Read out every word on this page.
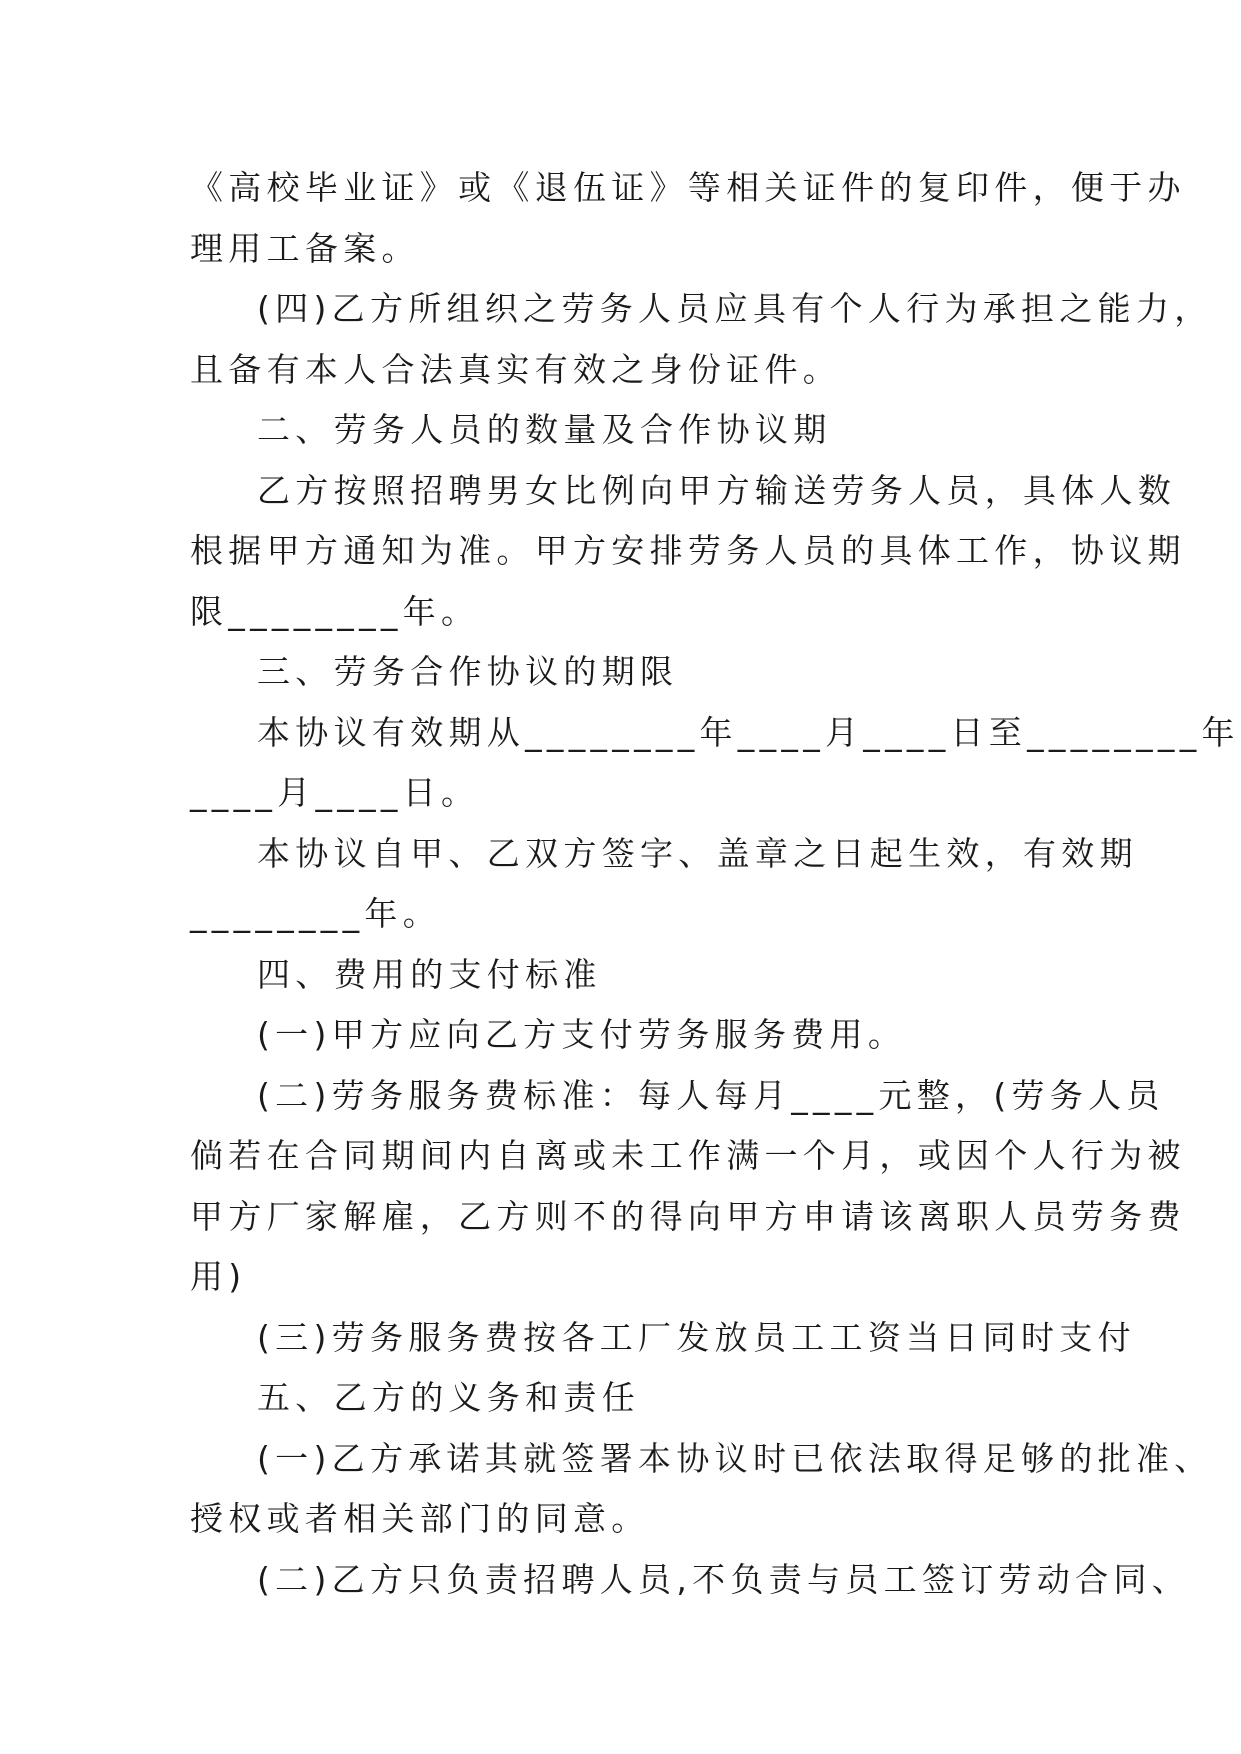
《高校毕业证》或《退伍证》等相关证件的复印件，便于办
理用工备案。
(四)乙方所组织之劳务人员应具有个人行为承担之能力，
且备有本人合法真实有效之身份证件。
二、劳务人员的数量及合作协议期
乙方按照招聘男女比例向甲方输送劳务人员，具体人数
根据甲方通知为准。甲方安排劳务人员的具体工作，协议期
限________年。
三、劳务合作协议的期限
本协议有效期从________年____月____日至________年
____月____日。
本协议自甲、乙双方签字、盖章之日起生效，有效期
________年。
四、费用的支付标准
(一)甲方应向乙方支付劳务服务费用。
(二)劳务服务费标准：每人每月____元整，(劳务人员
倘若在合同期间内自离或未工作满一个月，或因个人行为被
甲方厂家解雇，乙方则不的得向甲方申请该离职人员劳务费
用)
(三)劳务服务费按各工厂发放员工工资当日同时支付
五、乙方的义务和责任
(一)乙方承诺其就签署本协议时已依法取得足够的批准、
授权或者相关部门的同意。
(二)乙方只负责招聘人员,不负责与员工签订劳动合同、
